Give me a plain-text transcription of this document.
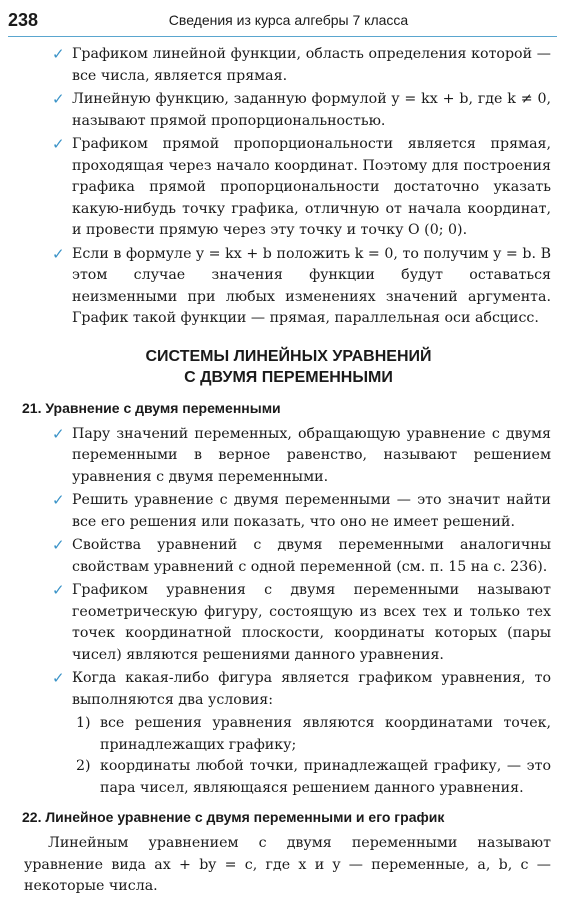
238	Сведения из курса алгебры 7 класса
✓ Графиком линейной функции, область определения которой — все числа, является прямая.
✓ Линейную функцию, заданную формулой y = kx + b, где k ≠ 0, называют прямой пропорциональностью.
✓ Графиком прямой пропорциональности является прямая, проходящая через начало координат. Поэтому для построения графика прямой пропорциональности достаточно указать какую-нибудь точку графика, отличную от начала координат, и провести прямую через эту точку и точку O (0; 0).
✓ Если в формуле y = kx + b положить k = 0, то получим y = b. В этом случае значения функции будут оставаться неизменными при любых изменениях значений аргумента. График такой функции — прямая, параллельная оси абсцисс.
СИСТЕМЫ ЛИНЕЙНЫХ УРАВНЕНИЙ
С ДВУМЯ ПЕРЕМЕННЫМИ
21. Уравнение с двумя переменными
✓ Пару значений переменных, обращающую уравнение с двумя переменными в верное равенство, называют решением уравнения с двумя переменными.
✓ Решить уравнение с двумя переменными — это значит найти все его решения или показать, что оно не имеет решений.
✓ Свойства уравнений с двумя переменными аналогичны свойствам уравнений с одной переменной (см. п. 15 на с. 236).
✓ Графиком уравнения с двумя переменными называют геометрическую фигуру, состоящую из всех тех и только тех точек координатной плоскости, координаты которых (пары чисел) являются решениями данного уравнения.
✓ Когда какая-либо фигура является графиком уравнения, то выполняются два условия:
1) все решения уравнения являются координатами точек, принадлежащих графику;
2) координаты любой точки, принадлежащей графику, — это пара чисел, являющаяся решением данного уравнения.
22. Линейное уравнение с двумя переменными и его график
Линейным уравнением с двумя переменными называют уравнение вида ax + by = c, где x и y — переменные, a, b, c — некоторые числа.
